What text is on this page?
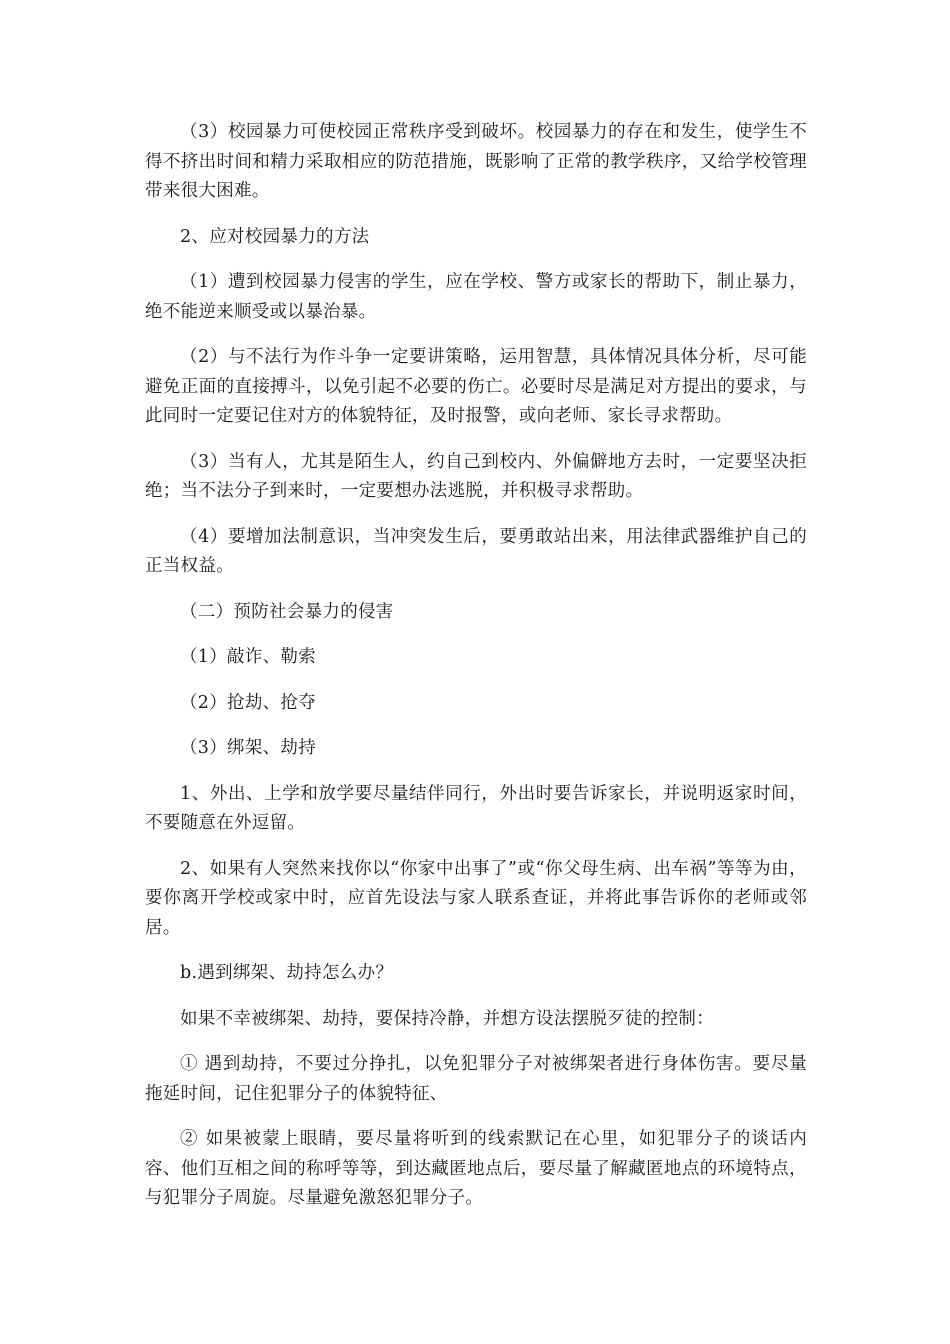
（3）校园暴力可使校园正常秩序受到破坏。校园暴力的存在和发生，使学生不得不挤出时间和精力采取相应的防范措施，既影响了正常的教学秩序，又给学校管理带来很大困难。

2、应对校园暴力的方法

（1）遭到校园暴力侵害的学生，应在学校、警方或家长的帮助下，制止暴力，绝不能逆来顺受或以暴治暴。

（2）与不法行为作斗争一定要讲策略，运用智慧，具体情况具体分析，尽可能避免正面的直接搏斗，以免引起不必要的伤亡。必要时尽是满足对方提出的要求，与此同时一定要记住对方的体貌特征，及时报警，或向老师、家长寻求帮助。

（3）当有人，尤其是陌生人，约自己到校内、外偏僻地方去时，一定要坚决拒绝；当不法分子到来时，一定要想办法逃脱，并积极寻求帮助。

（4）要增加法制意识，当冲突发生后，要勇敢站出来，用法律武器维护自己的正当权益。

（二）预防社会暴力的侵害

（1）敲诈、勒索

（2）抢劫、抢夺

（3）绑架、劫持

1、外出、上学和放学要尽量结伴同行，外出时要告诉家长，并说明返家时间，不要随意在外逗留。

2、如果有人突然来找你以“你家中出事了”或“你父母生病、出车祸”等等为由，要你离开学校或家中时，应首先设法与家人联系查证，并将此事告诉你的老师或邻居。

b.遇到绑架、劫持怎么办？

如果不幸被绑架、劫持，要保持冷静，并想方设法摆脱歹徒的控制：

① 遇到劫持，不要过分挣扎，以免犯罪分子对被绑架者进行身体伤害。要尽量拖延时间，记住犯罪分子的体貌特征、

② 如果被蒙上眼睛，要尽量将听到的线索默记在心里，如犯罪分子的谈话内容、他们互相之间的称呼等等，到达藏匿地点后，要尽量了解藏匿地点的环境特点，与犯罪分子周旋。尽量避免激怒犯罪分子。
